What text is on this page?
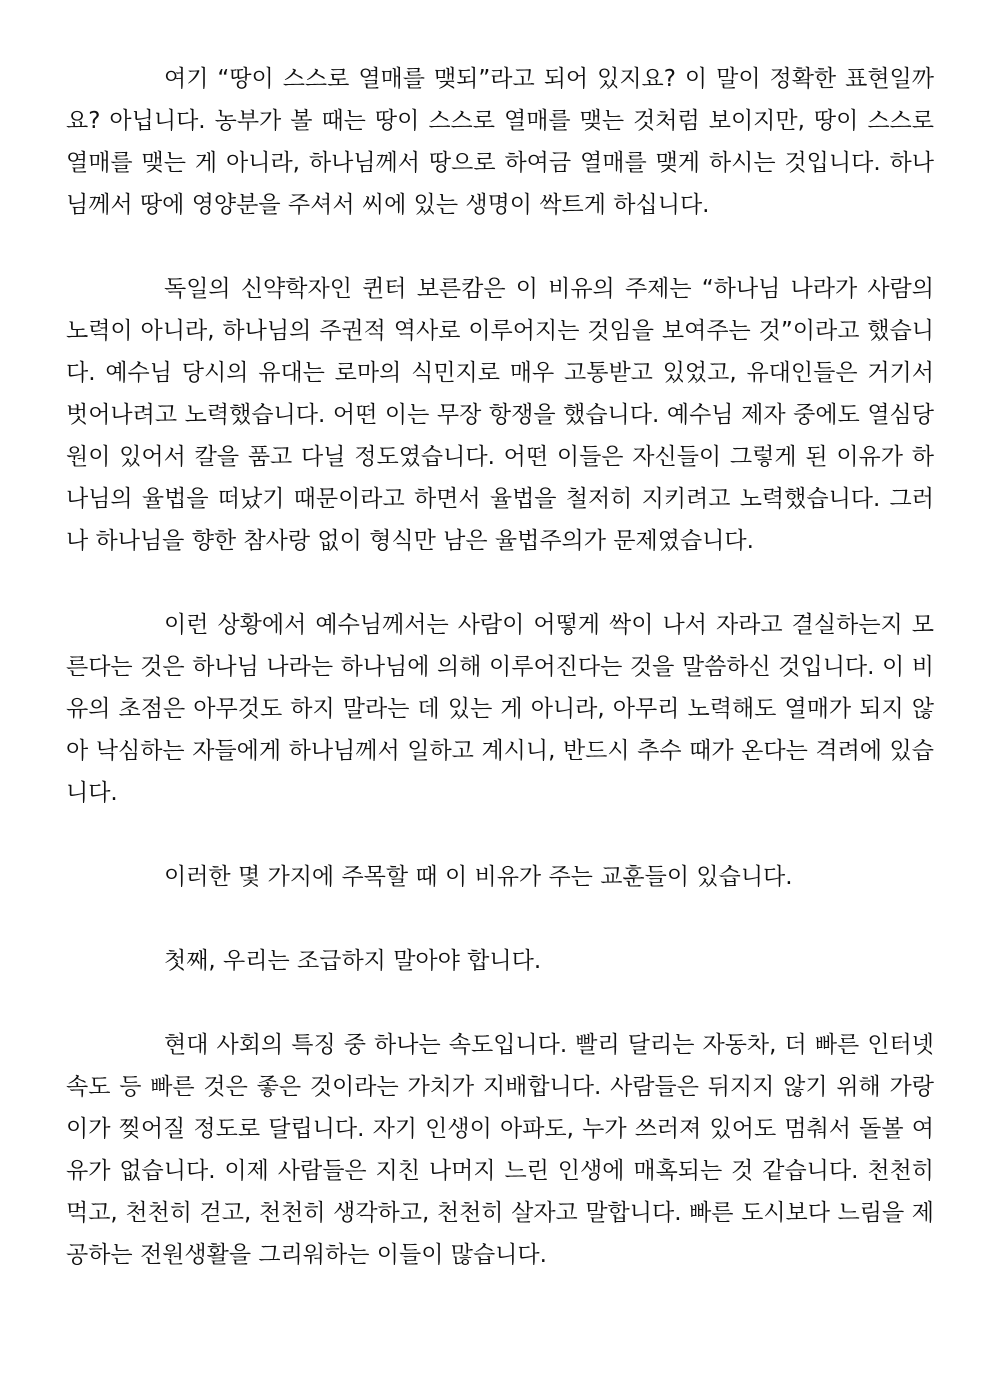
여기 “땅이 스스로 열매를 맺되”라고 되어 있지요? 이 말이 정확한 표현일까요? 아닙니다. 농부가 볼 때는 땅이 스스로 열매를 맺는 것처럼 보이지만, 땅이 스스로 열매를 맺는 게 아니라, 하나님께서 땅으로 하여금 열매를 맺게 하시는 것입니다. 하나님께서 땅에 영양분을 주셔서 씨에 있는 생명이 싹트게 하십니다.

독일의 신약학자인 퀸터 보른캄은 이 비유의 주제는 “하나님 나라가 사람의 노력이 아니라, 하나님의 주권적 역사로 이루어지는 것임을 보여주는 것”이라고 했습니다. 예수님 당시의 유대는 로마의 식민지로 매우 고통받고 있었고, 유대인들은 거기서 벗어나려고 노력했습니다. 어떤 이는 무장 항쟁을 했습니다. 예수님 제자 중에도 열심당원이 있어서 칼을 품고 다닐 정도였습니다. 어떤 이들은 자신들이 그렇게 된 이유가 하나님의 율법을 떠났기 때문이라고 하면서 율법을 철저히 지키려고 노력했습니다. 그러나 하나님을 향한 참사랑 없이 형식만 남은 율법주의가 문제였습니다.

이런 상황에서 예수님께서는 사람이 어떻게 싹이 나서 자라고 결실하는지 모른다는 것은 하나님 나라는 하나님에 의해 이루어진다는 것을 말씀하신 것입니다. 이 비유의 초점은 아무것도 하지 말라는 데 있는 게 아니라, 아무리 노력해도 열매가 되지 않아 낙심하는 자들에게 하나님께서 일하고 계시니, 반드시 추수 때가 온다는 격려에 있습니다.

이러한 몇 가지에 주목할 때 이 비유가 주는 교훈들이 있습니다.

첫째, 우리는 조급하지 말아야 합니다.

현대 사회의 특징 중 하나는 속도입니다. 빨리 달리는 자동차, 더 빠른 인터넷 속도 등 빠른 것은 좋은 것이라는 가치가 지배합니다. 사람들은 뒤지지 않기 위해 가랑이가 찢어질 정도로 달립니다. 자기 인생이 아파도, 누가 쓰러져 있어도 멈춰서 돌볼 여유가 없습니다. 이제 사람들은 지친 나머지 느린 인생에 매혹되는 것 같습니다. 천천히 먹고, 천천히 걷고, 천천히 생각하고, 천천히 살자고 말합니다. 빠른 도시보다 느림을 제공하는 전원생활을 그리워하는 이들이 많습니다.
